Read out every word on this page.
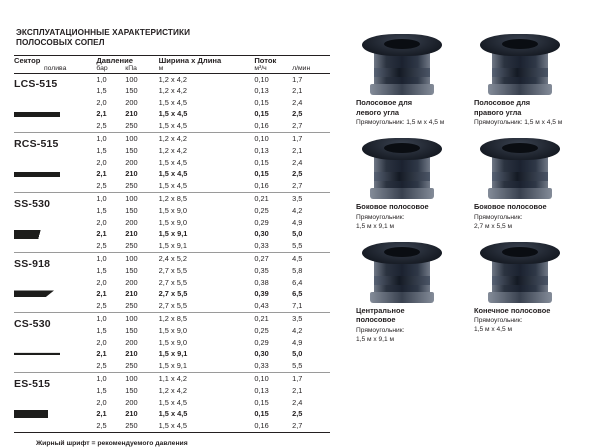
ЭКСПЛУАТАЦИОННЫЕ ХАРАКТЕРИСТИКИ
ПОЛОСОВЫХ СОПЕЛ
Сектор	Давление		Ширина x Длина	Поток	
полива	бар	кПа	м	м³/ч	л/мин

LCS-515	1,0	100	1,2 x 4,2	0,10	1,7
	1,5	150	1,2 x 4,2	0,13	2,1

	2,0	200	1,5 x 4,5	0,15	2,4
	2,1	210	1,5 x 4,5	0,15	2,5
	2,5	250	1,5 x 4,5	0,16	2,7

RCS-515	1,0	100	1,2 x 4,2	0,10	1,7
	1,5	150	1,2 x 4,2	0,13	2,1

	2,0	200	1,5 x 4,5	0,15	2,4
	2,1	210	1,5 x 4,5	0,15	2,5
	2,5	250	1,5 x 4,5	0,16	2,7

SS-530	1,0	100	1,2 x 8,5	0,21	3,5
	1,5	150	1,5 x 9,0	0,25	4,2

	2,0	200	1,5 x 9,0	0,29	4,9
	2,1	210	1,5 x 9,1	0,30	5,0
	2,5	250	1,5 x 9,1	0,33	5,5

SS-918	1,0	100	2,4 x 5,2	0,27	4,5
	1,5	150	2,7 x 5,5	0,35	5,8

	2,0	200	2,7 x 5,5	0,38	6,4
	2,1	210	2,7 x 5,5	0,39	6,5
	2,5	250	2,7 x 5,5	0,43	7,1

CS-530	1,0	100	1,2 x 8,5	0,21	3,5
	1,5	150	1,5 x 9,0	0,25	4,2

	2,0	200	1,5 x 9,0	0,29	4,9
	2,1	210	1,5 x 9,1	0,30	5,0
	2,5	250	1,5 x 9,1	0,33	5,5

ES-515	1,0	100	1,1 x 4,2	0,10	1,7
	1,5	150	1,2 x 4,2	0,13	2,1

	2,0	200	1,5 x 4,5	0,15	2,4
	2,1	210	1,5 x 4,5	0,15	2,5
	2,5	250	1,5 x 4,5	0,16	2,7

Жирный шрифт = рекомендуемого давления
Полосовое для
левого угла
Прямоугольник: 1,5 м х 4,5 м
Полосовое для
правого угла
Прямоугольник: 1,5 м х 4,5 м
Боковое полосовое
Прямоугольник:
1,5 м х 9,1 м
Боковое полосовое
Прямоугольник:
2,7 м х 5,5 м
Центральное
полосовое
Прямоугольник:
1,5 м х 9,1 м
Конечное полосовое
Прямоугольник:
1,5 м х 4,5 м
